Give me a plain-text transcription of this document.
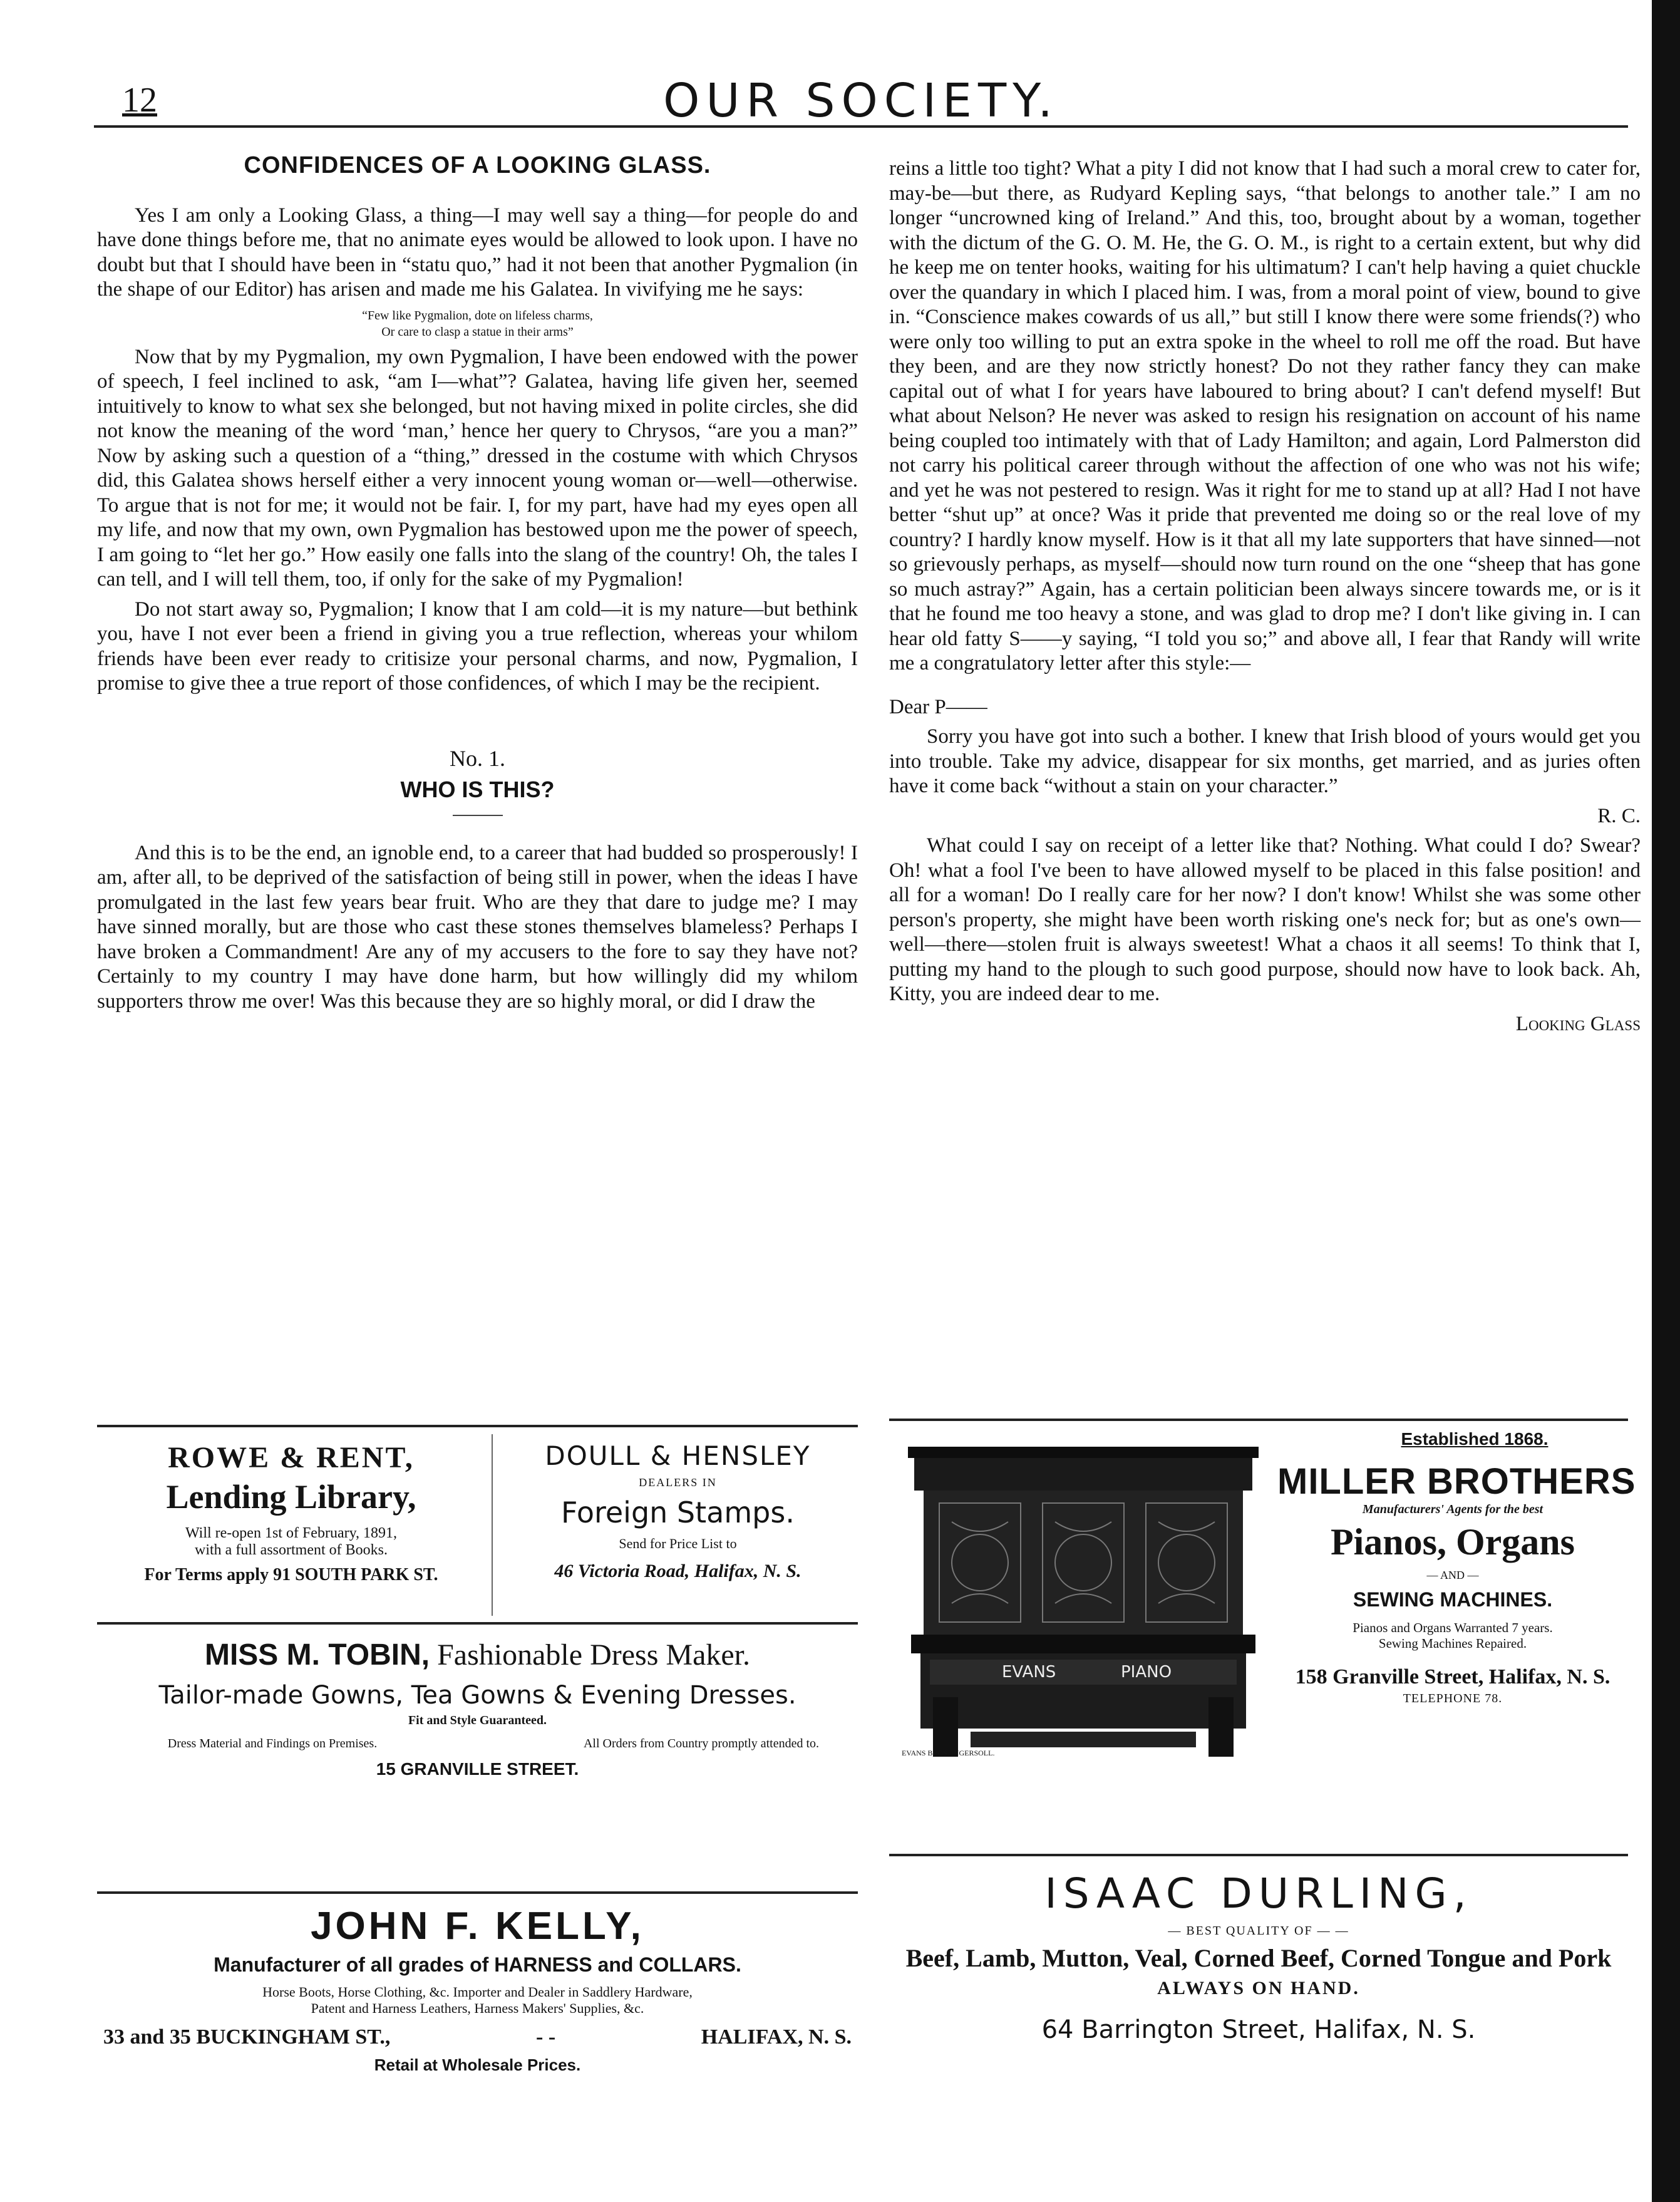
12	OUR SOCIETY.
CONFIDENCES OF A LOOKING GLASS.

Yes I am only a Looking Glass, a thing—I may well say a thing—for people do and have done things before me, that no animate eyes would be allowed to look upon. I have no doubt but that I should have been in “statu quo,” had it not been that another Pygmalion (in the shape of our Editor) has arisen and made me his Galatea. In vivifying me he says:

“Few like Pygmalion, dote on lifeless charms,
Or care to clasp a statue in their arms”

Now that by my Pygmalion, my own Pygmalion, I have been endowed with the power of speech, I feel inclined to ask, “am I—what”? Galatea, having life given her, seemed intuitively to know to what sex she belonged, but not having mixed in polite circles, she did not know the meaning of the word ‘man,’ hence her query to Chrysos, “are you a man?” Now by asking such a question of a “thing,” dressed in the costume with which Chrysos did, this Galatea shows herself either a very innocent young woman or—well—otherwise. To argue that is not for me; it would not be fair. I, for my part, have had my eyes open all my life, and now that my own, own Pygmalion has bestowed upon me the power of speech, I am going to “let her go.” How easily one falls into the slang of the country! Oh, the tales I can tell, and I will tell them, too, if only for the sake of my Pygmalion!

Do not start away so, Pygmalion; I know that I am cold—it is my nature—but bethink you, have I not ever been a friend in giving you a true reflection, whereas your whilom friends have been ever ready to critisize your personal charms, and now, Pygmalion, I promise to give thee a true report of those confidences, of which I may be the recipient.

No. 1.
WHO IS THIS?

And this is to be the end, an ignoble end, to a career that had budded so prosperously! I am, after all, to be deprived of the satisfaction of being still in power, when the ideas I have promulgated in the last few years bear fruit. Who are they that dare to judge me? I may have sinned morally, but are those who cast these stones themselves blameless? Perhaps I have broken a Commandment! Are any of my accusers to the fore to say they have not? Certainly to my country I may have done harm, but how willingly did my whilom supporters throw me over! Was this because they are so highly moral, or did I draw the

reins a little too tight? What a pity I did not know that I had such a moral crew to cater for, may-be—but there, as Rudyard Kepling says, “that belongs to another tale.” I am no longer “uncrowned king of Ireland.” And this, too, brought about by a woman, together with the dictum of the G. O. M. He, the G. O. M., is right to a certain extent, but why did he keep me on tenter hooks, waiting for his ultimatum? I can't help having a quiet chuckle over the quandary in which I placed him. I was, from a moral point of view, bound to give in. “Conscience makes cowards of us all,” but still I know there were some friends(?) who were only too willing to put an extra spoke in the wheel to roll me off the road. But have they been, and are they now strictly honest? Do not they rather fancy they can make capital out of what I for years have laboured to bring about? I can't defend myself! But what about Nelson? He never was asked to resign his resignation on account of his name being coupled too intimately with that of Lady Hamilton; and again, Lord Palmerston did not carry his political career through without the affection of one who was not his wife; and yet he was not pestered to resign. Was it right for me to stand up at all? Had I not have better “shut up” at once? Was it pride that prevented me doing so or the real love of my country? I hardly know myself. How is it that all my late supporters that have sinned—not so grievously perhaps, as myself—should now turn round on the one “sheep that has gone so much astray?” Again, has a certain politician been always sincere towards me, or is it that he found me too heavy a stone, and was glad to drop me? I don't like giving in. I can hear old fatty S——y saying, “I told you so;” and above all, I fear that Randy will write me a congratulatory letter after this style:—

Dear P——

Sorry you have got into such a bother. I knew that Irish blood of yours would get you into trouble. Take my advice, disappear for six months, get married, and as juries often have it come back “without a stain on your character.”

R. C.

What could I say on receipt of a letter like that? Nothing. What could I do? Swear? Oh! what a fool I've been to have allowed myself to be placed in this false position! and all for a woman! Do I really care for her now? I don't know! Whilst she was some other person's property, she might have been worth risking one's neck for; but as one's own—well—there—stolen fruit is always sweetest! What a chaos it all seems! To think that I, putting my hand to the plough to such good purpose, should now have to look back. Ah, Kitty, you are indeed dear to me.

Looking Glass

ROWE & RENT,
Lending Library,
Will re-open 1st of February, 1891,
with a full assortment of Books.
For Terms apply 91 SOUTH PARK ST.
DOULL & HENSLEY
DEALERS IN
Foreign Stamps.
Send for Price List to
46 Victoria Road, Halifax, N. S.
MISS M. TOBIN, Fashionable Dress Maker.
Tailor-made Gowns, Tea Gowns & Evening Dresses.
Fit and Style Guaranteed.
Dress Material and Findings on Premises.	All Orders from Country promptly attended to.
15 GRANVILLE STREET.
JOHN F. KELLY,
Manufacturer of all grades of HARNESS and COLLARS.
Horse Boots, Horse Clothing, &c. Importer and Dealer in Saddlery Hardware,
Patent and Harness Leathers, Harness Makers' Supplies, &c.
33 and 35 BUCKINGHAM ST.,	- -	HALIFAX, N. S.
Retail at Wholesale Prices.
EVANS	PIANO
EVANS BROS. INGERSOLL.
Established 1868.
MILLER BROTHERS
Manufacturers' Agents for the best
Pianos, Organs
— AND —
SEWING MACHINES.
Pianos and Organs Warranted 7 years.
Sewing Machines Repaired.
158 Granville Street, Halifax, N. S.
TELEPHONE 78.
ISAAC DURLING,
— BEST QUALITY OF — —
Beef, Lamb, Mutton, Veal, Corned Beef, Corned Tongue and Pork
ALWAYS ON HAND.
64 Barrington Street, Halifax, N. S.
